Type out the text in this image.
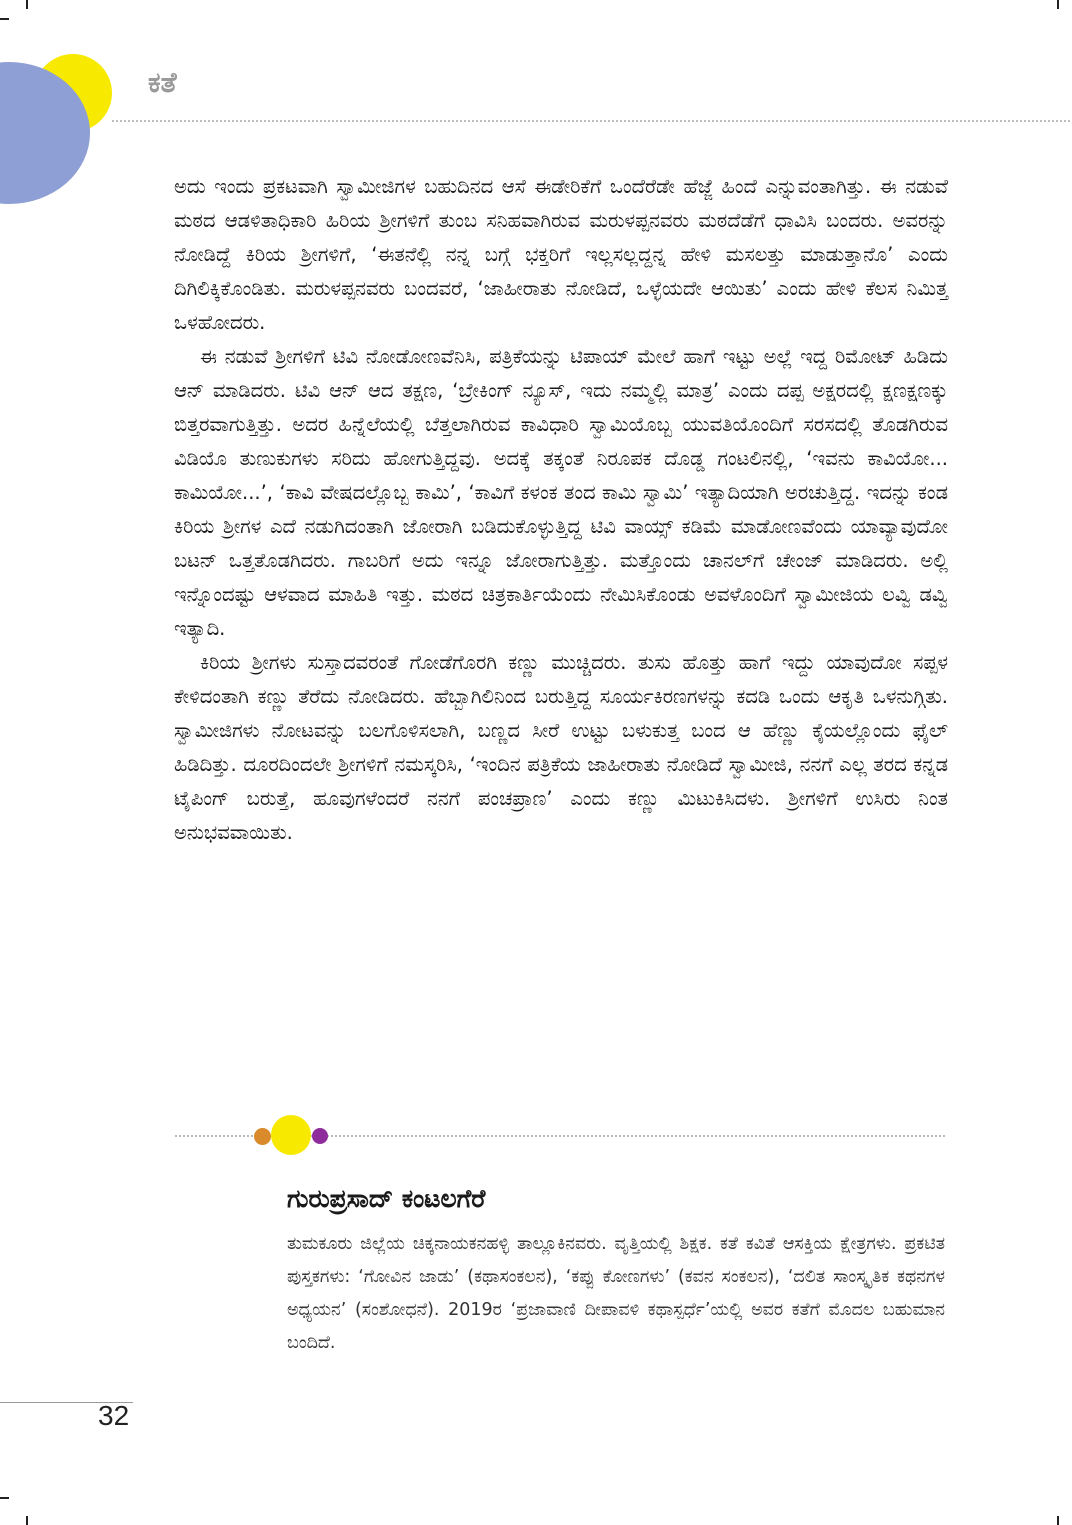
ಕತೆ

ಅದು ಇಂದು ಪ್ರಕಟವಾಗಿ ಸ್ವಾಮೀಜಿಗಳ ಬಹುದಿನದ ಆಸೆ ಈಡೇರಿಕೆಗೆ ಒಂದೆರೆಡೇ ಹೆಜ್ಜೆ ಹಿಂದೆ ಎನ್ನುವಂತಾಗಿತ್ತು. ಈ ನಡುವೆ ಮಠದ ಆಡಳಿತಾಧಿಕಾರಿ ಹಿರಿಯ ಶ್ರೀಗಳಿಗೆ ತುಂಬ ಸನಿಹವಾಗಿರುವ ಮರುಳಪ್ಪನವರು ಮಠದೆಡೆಗೆ ಧಾವಿಸಿ ಬಂದರು. ಅವರನ್ನು ನೋಡಿದ್ದೆ ಕಿರಿಯ ಶ್ರೀಗಳಿಗೆ, ‘ಈತನೆಲ್ಲಿ ನನ್ನ ಬಗ್ಗೆ ಭಕ್ತರಿಗೆ ಇಲ್ಲಸಲ್ಲದ್ದನ್ನ ಹೇಳಿ ಮಸಲತ್ತು ಮಾಡುತ್ತಾನೊ’ ಎಂದು ದಿಗಿಲಿಕ್ಕಿಕೊಂಡಿತು. ಮರುಳಪ್ಪನವರು ಬಂದವರೆ, ‘ಜಾಹೀರಾತು ನೋಡಿದೆ, ಒಳ್ಳೆಯದೇ ಆಯಿತು’ ಎಂದು ಹೇಳಿ ಕೆಲಸ ನಿಮಿತ್ತ ಒಳಹೋದರು.

ಈ ನಡುವೆ ಶ್ರೀಗಳಿಗೆ ಟಿವಿ ನೋಡೋಣವೆನಿಸಿ, ಪತ್ರಿಕೆಯನ್ನು ಟಿಪಾಯ್ ಮೇಲೆ ಹಾಗೆ ಇಟ್ಟು ಅಲ್ಲೆ ಇದ್ದ ರಿಮೋಟ್ ಹಿಡಿದು ಆನ್ ಮಾಡಿದರು. ಟಿವಿ ಆನ್ ಆದ ತಕ್ಷಣ, ‘ಬ್ರೇಕಿಂಗ್ ನ್ಯೂಸ್, ಇದು ನಮ್ಮಲ್ಲಿ ಮಾತ್ರ’ ಎಂದು ದಪ್ಪ ಅಕ್ಷರದಲ್ಲಿ ಕ್ಷಣಕ್ಷಣಕ್ಕು ಬಿತ್ತರವಾಗುತ್ತಿತ್ತು. ಅದರ ಹಿನ್ನೆಲೆಯಲ್ಲಿ ಬೆತ್ತಲಾಗಿರುವ ಕಾವಿಧಾರಿ ಸ್ವಾಮಿಯೊಬ್ಬ ಯುವತಿಯೊಂದಿಗೆ ಸರಸದಲ್ಲಿ ತೊಡಗಿರುವ ವಿಡಿಯೊ ತುಣುಕುಗಳು ಸರಿದು ಹೋಗುತ್ತಿದ್ದವು. ಅದಕ್ಕೆ ತಕ್ಕಂತೆ ನಿರೂಪಕ ದೊಡ್ಡ ಗಂಟಲಿನಲ್ಲಿ, ‘ಇವನು ಕಾವಿಯೋ... ಕಾಮಿಯೋ...’, ‘ಕಾವಿ ವೇಷದಲ್ಲೊಬ್ಬ ಕಾಮಿ’, ‘ಕಾವಿಗೆ ಕಳಂಕ ತಂದ ಕಾಮಿ ಸ್ವಾಮಿ’ ಇತ್ಯಾದಿಯಾಗಿ ಅರಚುತ್ತಿದ್ದ. ಇದನ್ನು ಕಂಡ ಕಿರಿಯ ಶ್ರೀಗಳ ಎದೆ ನಡುಗಿದಂತಾಗಿ ಜೋರಾಗಿ ಬಡಿದುಕೊಳ್ಳುತ್ತಿದ್ದ ಟಿವಿ ವಾಯ್ಸ್ ಕಡಿಮೆ ಮಾಡೋಣವೆಂದು ಯಾವ್ಯಾವುದೋ ಬಟನ್ ಒತ್ತತೊಡಗಿದರು. ಗಾಬರಿಗೆ ಅದು ಇನ್ನೂ ಜೋರಾಗುತ್ತಿತ್ತು. ಮತ್ತೊಂದು ಚಾನಲ್‌ಗೆ ಚೇಂಜ್ ಮಾಡಿದರು. ಅಲ್ಲಿ ಇನ್ನೊಂದಷ್ಟು ಆಳವಾದ ಮಾಹಿತಿ ಇತ್ತು. ಮಠದ ಚಿತ್ರಕಾರ್ತಿಯೆಂದು ನೇಮಿಸಿಕೊಂಡು ಅವಳೊಂದಿಗೆ ಸ್ವಾಮೀಜಿಯ ಲವ್ವಿ ಡವ್ವಿ ಇತ್ಯಾದಿ.

ಕಿರಿಯ ಶ್ರೀಗಳು ಸುಸ್ತಾದವರಂತೆ ಗೋಡೆಗೊರಗಿ ಕಣ್ಣು ಮುಚ್ಚಿದರು. ತುಸು ಹೊತ್ತು ಹಾಗೆ ಇದ್ದು ಯಾವುದೋ ಸಪ್ಪಳ ಕೇಳಿದಂತಾಗಿ ಕಣ್ಣು ತೆರೆದು ನೋಡಿದರು. ಹೆಬ್ಬಾಗಿಲಿನಿಂದ ಬರುತ್ತಿದ್ದ ಸೂರ್ಯಕಿರಣಗಳನ್ನು ಕದಡಿ ಒಂದು ಆಕೃತಿ ಒಳನುಗ್ಗಿತು. ಸ್ವಾಮೀಜಿಗಳು ನೋಟವನ್ನು ಬಲಗೊಳಿಸಲಾಗಿ, ಬಣ್ಣದ ಸೀರೆ ಉಟ್ಟು ಬಳುಕುತ್ತ ಬಂದ ಆ ಹೆಣ್ಣು ಕೈಯಲ್ಲೊಂದು ಫೈಲ್ ಹಿಡಿದಿತ್ತು. ದೂರದಿಂದಲೇ ಶ್ರೀಗಳಿಗೆ ನಮಸ್ಕರಿಸಿ, ‘ಇಂದಿನ ಪತ್ರಿಕೆಯ ಜಾಹೀರಾತು ನೋಡಿದೆ ಸ್ವಾಮೀಜಿ, ನನಗೆ ಎಲ್ಲ ತರದ ಕನ್ನಡ ಟೈಪಿಂಗ್ ಬರುತ್ತೆ, ಹೂವುಗಳೆಂದರೆ ನನಗೆ ಪಂಚಪ್ರಾಣ’ ಎಂದು ಕಣ್ಣು ಮಿಟುಕಿಸಿದಳು. ಶ್ರೀಗಳಿಗೆ ಉಸಿರು ನಿಂತ ಅನುಭವವಾಯಿತು.

ಗುರುಪ್ರಸಾದ್ ಕಂಟಲಗೆರೆ

ತುಮಕೂರು ಜಿಲ್ಲೆಯ ಚಿಕ್ಕನಾಯಕನಹಳ್ಳಿ ತಾಲ್ಲೂಕಿನವರು. ವೃತ್ತಿಯಲ್ಲಿ ಶಿಕ್ಷಕ. ಕತೆ ಕವಿತೆ ಆಸಕ್ತಿಯ ಕ್ಷೇತ್ರಗಳು. ಪ್ರಕಟಿತ ಪುಸ್ತಕಗಳು: ‘ಗೋವಿನ ಜಾಡು’ (ಕಥಾಸಂಕಲನ), ‘ಕಪ್ಪು ಕೋಣಗಳು’ (ಕವನ ಸಂಕಲನ), ‘ದಲಿತ ಸಾಂಸ್ಕೃತಿಕ ಕಥನಗಳ ಅಧ್ಯಯನ’ (ಸಂಶೋಧನೆ). 2019ರ ‘ಪ್ರಜಾವಾಣಿ ದೀಪಾವಳಿ ಕಥಾಸ್ಪರ್ಧೆ’ಯಲ್ಲಿ ಅವರ ಕತೆಗೆ ಮೊದಲ ಬಹುಮಾನ ಬಂದಿದೆ.

32
